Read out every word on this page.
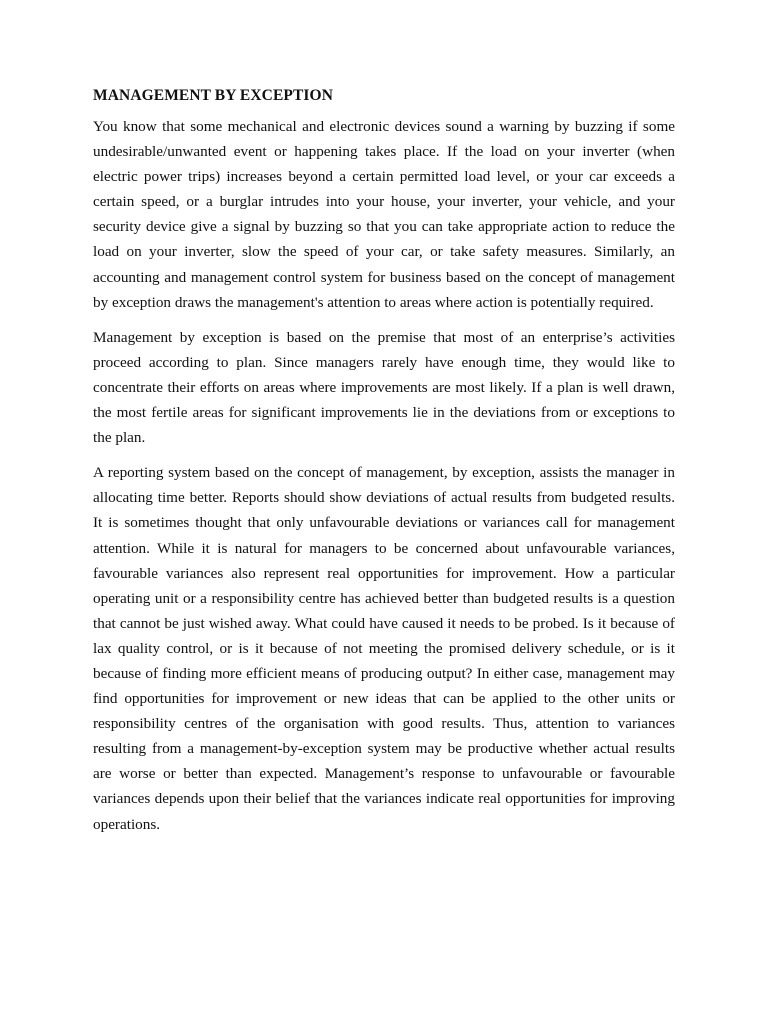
MANAGEMENT BY EXCEPTION

You know that some mechanical and electronic devices sound a warning by buzzing if some undesirable/unwanted event or happening takes place. If the load on your inverter (when electric power trips) increases beyond a certain permitted load level, or your car exceeds a certain speed, or a burglar intrudes into your house, your inverter, your vehicle, and your security device give a signal by buzzing so that you can take appropriate action to reduce the load on your inverter, slow the speed of your car, or take safety measures. Similarly, an accounting and management control system for business based on the concept of management by exception draws the management's attention to areas where action is potentially required.

Management by exception is based on the premise that most of an enterprise’s activities proceed according to plan. Since managers rarely have enough time, they would like to concentrate their efforts on areas where improvements are most likely. If a plan is well drawn, the most fertile areas for significant improvements lie in the deviations from or exceptions to the plan.

A reporting system based on the concept of management, by exception, assists the manager in allocating time better. Reports should show deviations of actual results from budgeted results. It is sometimes thought that only unfavourable deviations or variances call for management attention. While it is natural for managers to be concerned about unfavourable variances, favourable variances also represent real opportunities for improvement. How a particular operating unit or a responsibility centre has achieved better than budgeted results is a question that cannot be just wished away. What could have caused it needs to be probed. Is it because of lax quality control, or is it because of not meeting the promised delivery schedule, or is it because of finding more efficient means of producing output? In either case, management may find opportunities for improvement or new ideas that can be applied to the other units or responsibility centres of the organisation with good results. Thus, attention to variances resulting from a management-by-exception system may be productive whether actual results are worse or better than expected. Management’s response to unfavourable or favourable variances depends upon their belief that the variances indicate real opportunities for improving operations.
